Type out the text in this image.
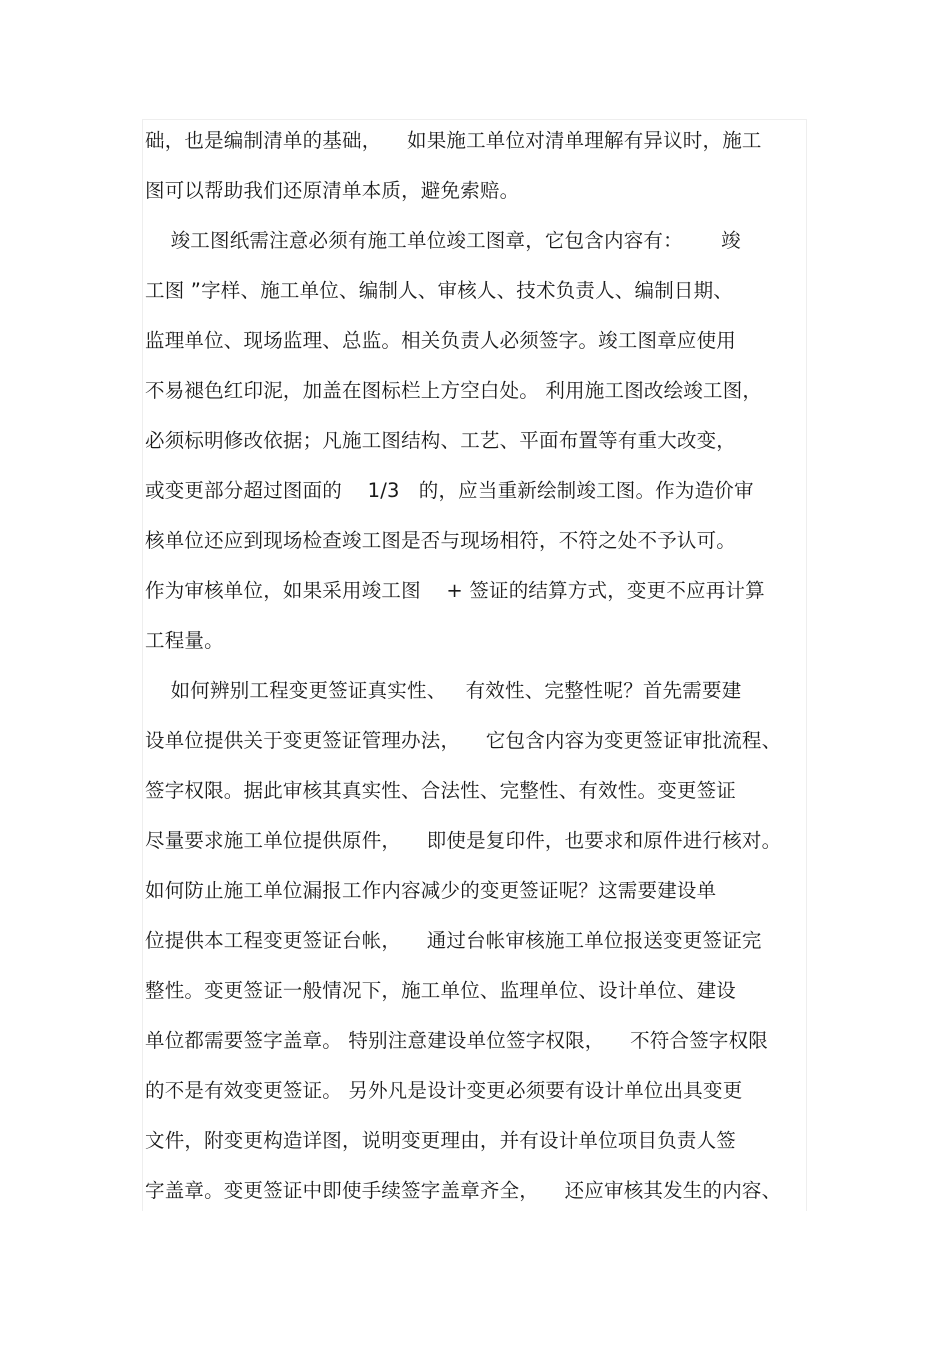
础，也是编制清单的基础，    如果施工单位对清单理解有异议时，施工
图可以帮助我们还原清单本质，避免索赔。
竣工图纸需注意必须有施工单位竣工图章，它包含内容有：      竣
工图 ”字样、施工单位、编制人、审核人、技术负责人、编制日期、
监理单位、现场监理、总监。相关负责人必须签字。竣工图章应使用
不易褪色红印泥，加盖在图标栏上方空白处。 利用施工图改绘竣工图，
必须标明修改依据；凡施工图结构、工艺、平面布置等有重大改变，
或变更部分超过图面的    1/3   的，应当重新绘制竣工图。作为造价审
核单位还应到现场检查竣工图是否与现场相符，不符之处不予认可。
作为审核单位，如果采用竣工图    + 签证的结算方式，变更不应再计算
工程量。
如何辨别工程变更签证真实性、   有效性、完整性呢？首先需要建
设单位提供关于变更签证管理办法，    它包含内容为变更签证审批流程、
签字权限。据此审核其真实性、合法性、完整性、有效性。变更签证
尽量要求施工单位提供原件，    即使是复印件，也要求和原件进行核对。
如何防止施工单位漏报工作内容减少的变更签证呢？这需要建设单
位提供本工程变更签证台帐，    通过台帐审核施工单位报送变更签证完
整性。变更签证一般情况下，施工单位、监理单位、设计单位、建设
单位都需要签字盖章。 特别注意建设单位签字权限，    不符合签字权限
的不是有效变更签证。 另外凡是设计变更必须要有设计单位出具变更
文件，附变更构造详图，说明变更理由，并有设计单位项目负责人签
字盖章。变更签证中即使手续签字盖章齐全，    还应审核其发生的内容、
